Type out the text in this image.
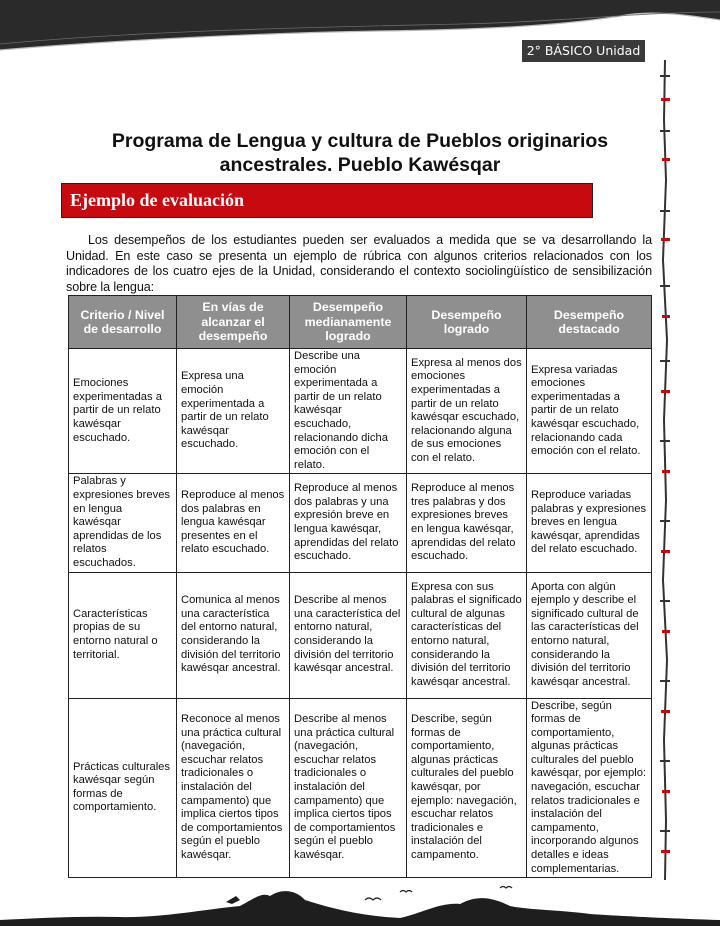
2° BÁSICO Unidad 1
Programa de Lengua y cultura de Pueblos originarios
ancestrales. Pueblo Kawésqar
Ejemplo de evaluación

Los desempeños de los estudiantes pueden ser evaluados a medida que se va desarrollando la Unidad. En este caso se presenta un ejemplo de rúbrica con algunos criterios relacionados con los indicadores de los cuatro ejes de la Unidad, considerando el contexto sociolingüístico de sensibilización sobre la lengua:

Criterio / Nivel de desarrollo	En vías de alcanzar el desempeño	Desempeño medianamente logrado	Desempeño logrado	Desempeño destacado
Emociones experimentadas a partir de un relato kawésqar escuchado.	Expresa una emoción experimentada a partir de un relato kawésqar escuchado.	Describe una emoción experimentada a partir de un relato kawésqar escuchado, relacionando dicha emoción con el relato.	Expresa al menos dos emociones experimentadas a partir de un relato kawésqar escuchado, relacionando alguna de sus emociones con el relato.	Expresa variadas emociones experimentadas a partir de un relato kawésqar escuchado, relacionando cada emoción con el relato.
Palabras y expresiones breves en lengua kawésqar aprendidas de los relatos escuchados.	Reproduce al menos dos palabras en lengua kawésqar presentes en el relato escuchado.	Reproduce al menos dos palabras y una expresión breve en lengua kawésqar, aprendidas del relato escuchado.	Reproduce al menos tres palabras y dos expresiones breves en lengua kawésqar, aprendidas del relato escuchado.	Reproduce variadas palabras y expresiones breves en lengua kawésqar, aprendidas del relato escuchado.
Características propias de su entorno natural o territorial.	Comunica al menos una característica del entorno natural, considerando la división del territorio kawésqar ancestral.	Describe al menos una característica del entorno natural, considerando la división del territorio kawésqar ancestral.	Expresa con sus palabras el significado cultural de algunas características del entorno natural, considerando la división del territorio kawésqar ancestral.	Aporta con algún ejemplo y describe el significado cultural de las características del entorno natural, considerando la división del territorio kawésqar ancestral.
Prácticas culturales kawésqar según formas de comportamiento.	Reconoce al menos una práctica cultural (navegación, escuchar relatos tradicionales o instalación del campamento) que implica ciertos tipos de comportamientos según el pueblo kawésqar.	Describe al menos una práctica cultural (navegación, escuchar relatos tradicionales o instalación del campamento) que implica ciertos tipos de comportamientos según el pueblo kawésqar.	Describe, según formas de comportamiento, algunas prácticas culturales del pueblo kawésqar, por ejemplo: navegación, escuchar relatos tradicionales e instalación del campamento.	Describe, según formas de comportamiento, algunas prácticas culturales del pueblo kawésqar, por ejemplo: navegación, escuchar relatos tradicionales e instalación del campamento, incorporando algunos detalles e ideas complementarias.
